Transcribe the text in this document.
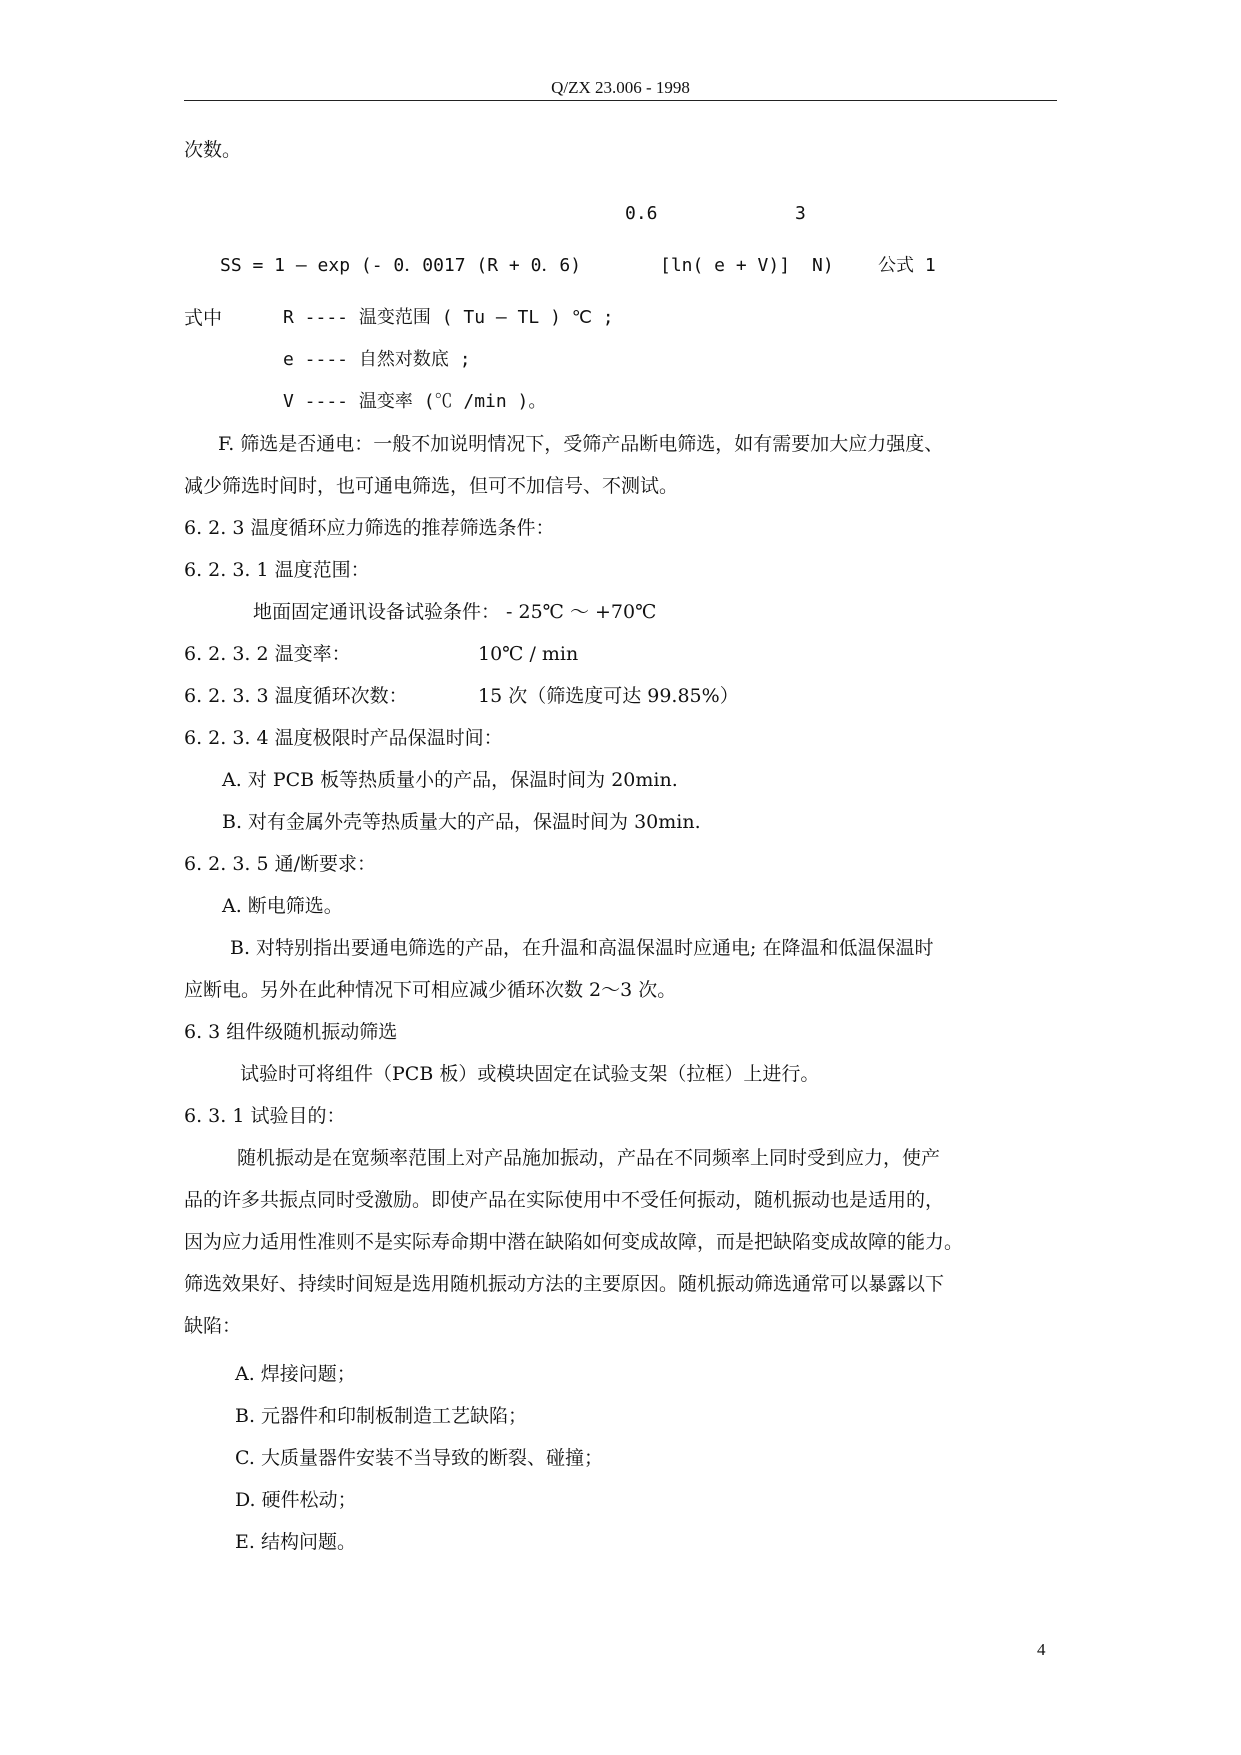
Q/ZX 23.006 - 1998
次数。
0.6	3
SS = 1 – exp (- 0．0017 (R + 0．6)	[ln( e + V)] N) 公式 1
式中	R ---- 温变范围 ( Tu – TL ) ℃ ;
e ---- 自然对数底 ;
V ---- 温变率 (℃ /min )。
F. 筛选是否通电：一般不加说明情况下，受筛产品断电筛选，如有需要加大应力强度、
减少筛选时间时，也可通电筛选，但可不加信号、不测试。
6. 2. 3 温度循环应力筛选的推荐筛选条件：
6. 2. 3. 1 温度范围：
地面固定通讯设备试验条件： - 25℃ ～ +70℃
6. 2. 3. 2 温变率：	10℃ / min
6. 2. 3. 3 温度循环次数：	15 次（筛选度可达 99.85%）
6. 2. 3. 4 温度极限时产品保温时间：
A. 对 PCB 板等热质量小的产品，保温时间为 20min.
B. 对有金属外壳等热质量大的产品，保温时间为 30min.
6. 2. 3. 5 通/断要求：
A. 断电筛选。
B. 对特别指出要通电筛选的产品，在升温和高温保温时应通电; 在降温和低温保温时
应断电。另外在此种情况下可相应减少循环次数 2～3 次。
6. 3 组件级随机振动筛选
试验时可将组件（PCB 板）或模块固定在试验支架（拉框）上进行。
6. 3. 1 试验目的：
随机振动是在宽频率范围上对产品施加振动，产品在不同频率上同时受到应力，使产
品的许多共振点同时受激励。即使产品在实际使用中不受任何振动，随机振动也是适用的，
因为应力适用性准则不是实际寿命期中潜在缺陷如何变成故障，而是把缺陷变成故障的能力。
筛选效果好、持续时间短是选用随机振动方法的主要原因。随机振动筛选通常可以暴露以下
缺陷：
A. 焊接问题；
B. 元器件和印制板制造工艺缺陷；
C. 大质量器件安装不当导致的断裂、碰撞；
D. 硬件松动；
E. 结构问题。
4
